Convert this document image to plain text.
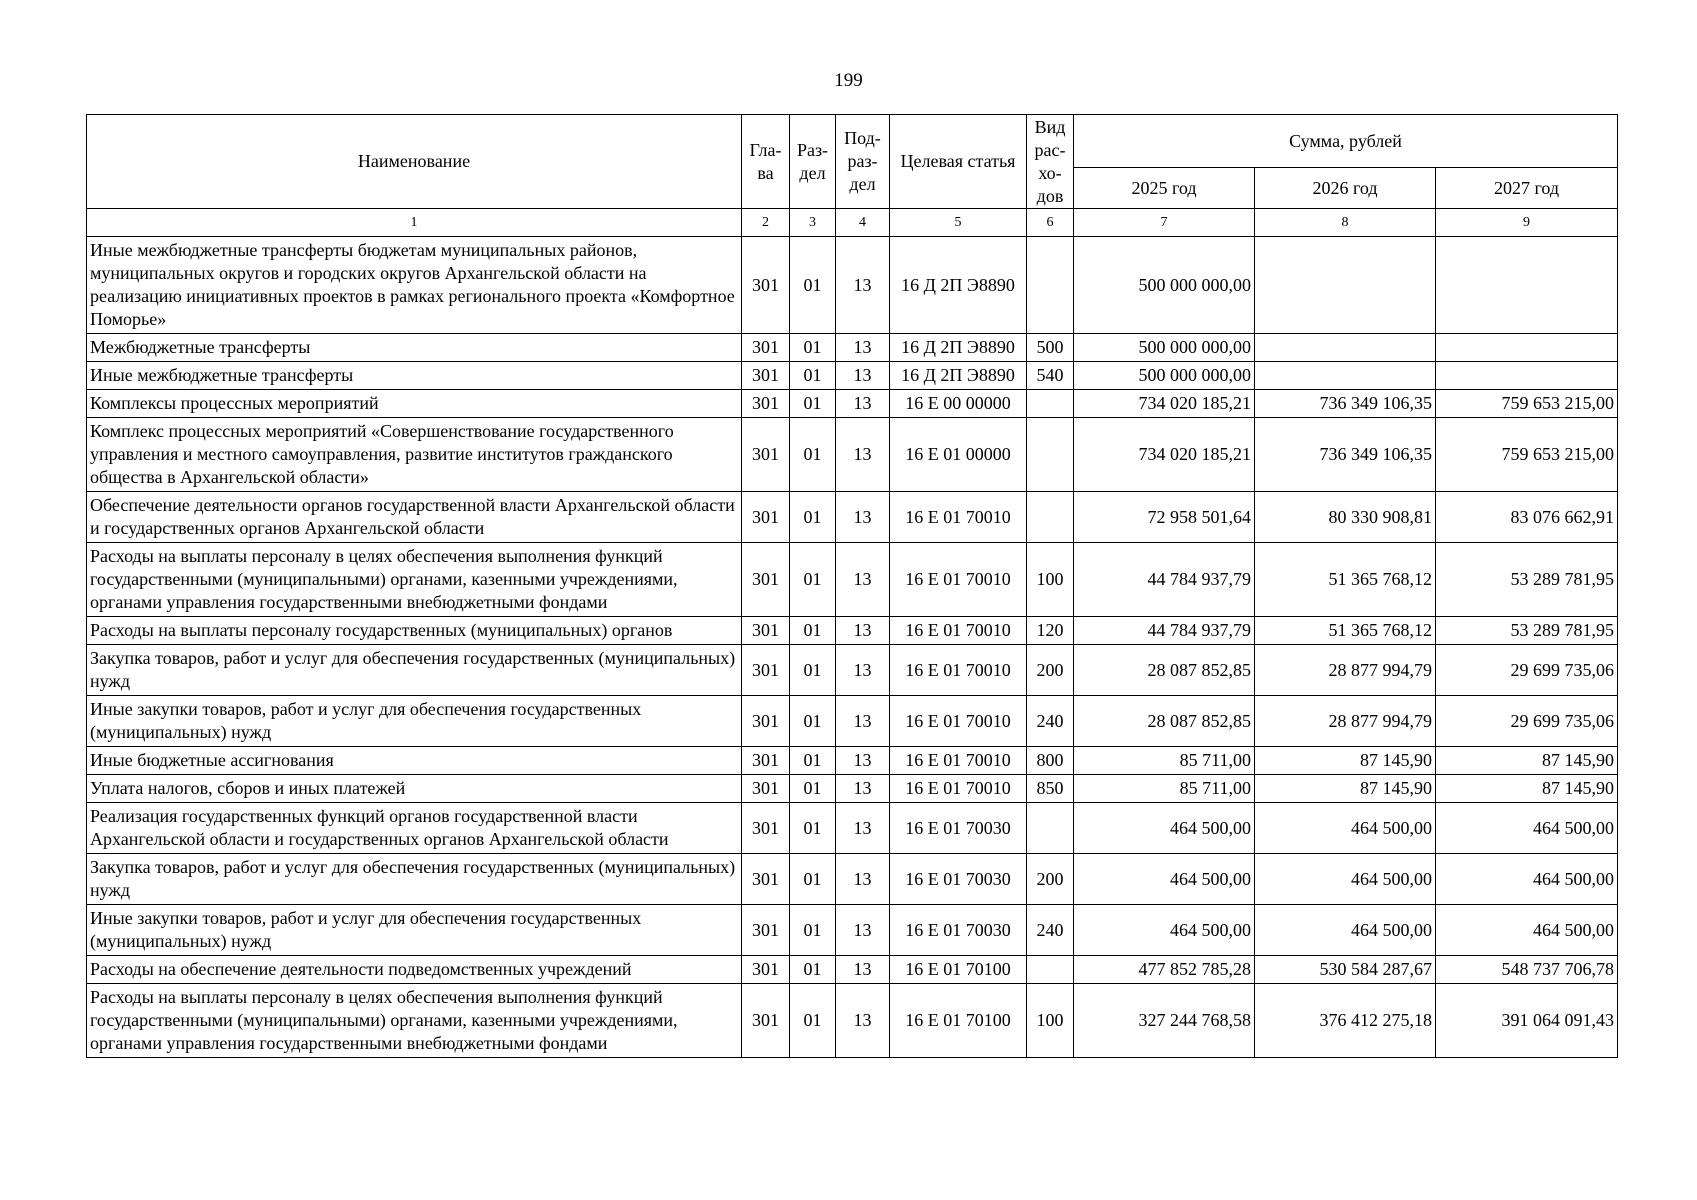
199
Наименование	Гла-ва	Раз-дел	Под-раз-дел	Целевая статья	Вид рас-хо-дов	Сумма, рублей		
						2025 год	2026 год	2027 год
1	2	3	4	5	6	7	8	9
Иные межбюджетные трансферты бюджетам муниципальных районов, муниципальных округов и городских округов Архангельской области на реализацию инициативных проектов в рамках регионального проекта «Комфортное Поморье»	301	01	13	16 Д 2П Э8890		500 000 000,00		
Межбюджетные трансферты	301	01	13	16 Д 2П Э8890	500	500 000 000,00		
Иные межбюджетные трансферты	301	01	13	16 Д 2П Э8890	540	500 000 000,00		
Комплексы процессных мероприятий	301	01	13	16 Е 00 00000		734 020 185,21	736 349 106,35	759 653 215,00
Комплекс процессных мероприятий «Совершенствование государственного управления и местного самоуправления, развитие институтов гражданского общества в Архангельской области»	301	01	13	16 Е 01 00000		734 020 185,21	736 349 106,35	759 653 215,00
Обеспечение деятельности органов государственной власти Архангельской области и государственных органов Архангельской области	301	01	13	16 Е 01 70010		72 958 501,64	80 330 908,81	83 076 662,91
Расходы на выплаты персоналу в целях обеспечения выполнения функций государственными (муниципальными) органами, казенными учреждениями, органами управления государственными внебюджетными фондами	301	01	13	16 Е 01 70010	100	44 784 937,79	51 365 768,12	53 289 781,95
Расходы на выплаты персоналу государственных (муниципальных) органов	301	01	13	16 Е 01 70010	120	44 784 937,79	51 365 768,12	53 289 781,95
Закупка товаров, работ и услуг для обеспечения государственных (муниципальных) нужд	301	01	13	16 Е 01 70010	200	28 087 852,85	28 877 994,79	29 699 735,06
Иные закупки товаров, работ и услуг для обеспечения государственных (муниципальных) нужд	301	01	13	16 Е 01 70010	240	28 087 852,85	28 877 994,79	29 699 735,06
Иные бюджетные ассигнования	301	01	13	16 Е 01 70010	800	85 711,00	87 145,90	87 145,90
Уплата налогов, сборов и иных платежей	301	01	13	16 Е 01 70010	850	85 711,00	87 145,90	87 145,90
Реализация государственных функций органов государственной власти Архангельской области и государственных органов Архангельской области	301	01	13	16 Е 01 70030		464 500,00	464 500,00	464 500,00
Закупка товаров, работ и услуг для обеспечения государственных (муниципальных) нужд	301	01	13	16 Е 01 70030	200	464 500,00	464 500,00	464 500,00
Иные закупки товаров, работ и услуг для обеспечения государственных (муниципальных) нужд	301	01	13	16 Е 01 70030	240	464 500,00	464 500,00	464 500,00
Расходы на обеспечение деятельности подведомственных учреждений	301	01	13	16 Е 01 70100		477 852 785,28	530 584 287,67	548 737 706,78
Расходы на выплаты персоналу в целях обеспечения выполнения функций государственными (муниципальными) органами, казенными учреждениями, органами управления государственными внебюджетными фондами	301	01	13	16 Е 01 70100	100	327 244 768,58	376 412 275,18	391 064 091,43
